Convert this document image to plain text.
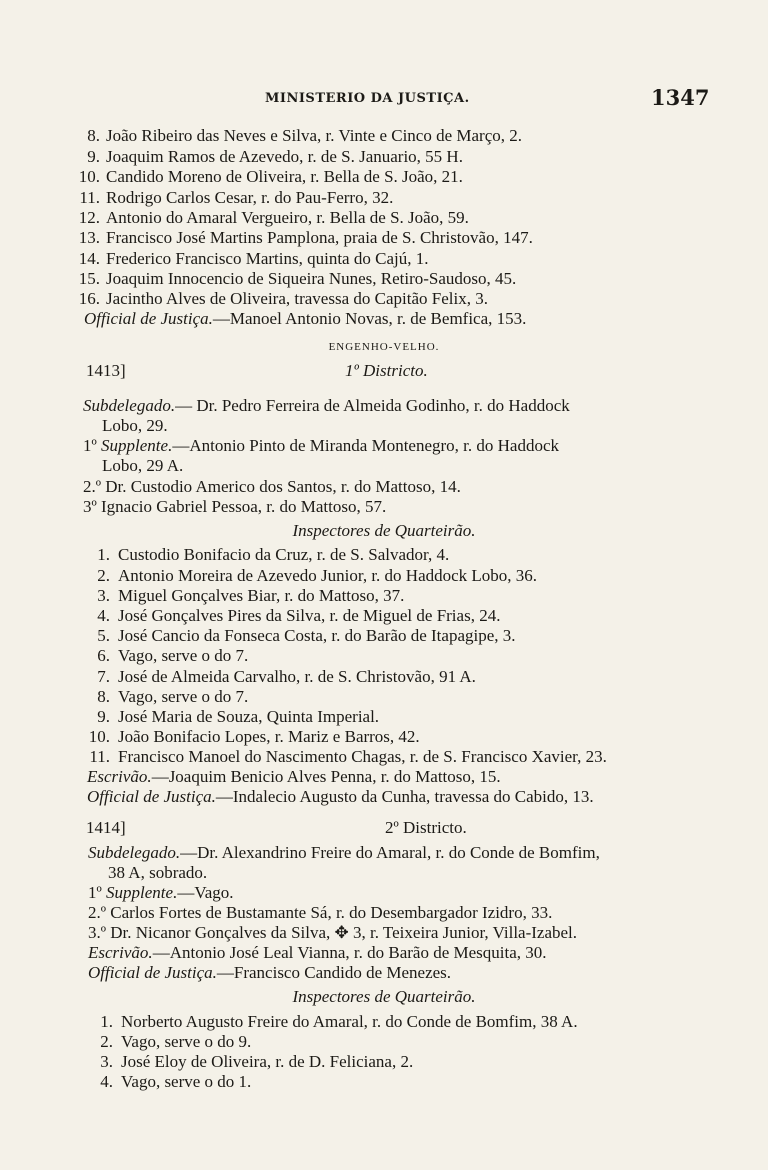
MINISTERIO DA JUSTIÇA.	1347
8. João Ribeiro das Neves e Silva, r. Vinte e Cinco de Março, 2.
9. Joaquim Ramos de Azevedo, r. de S. Januario, 55 H.
10. Candido Moreno de Oliveira, r. Bella de S. João, 21.
11. Rodrigo Carlos Cesar, r. do Pau-Ferro, 32.
12. Antonio do Amaral Vergueiro, r. Bella de S. João, 59.
13. Francisco José Martins Pamplona, praia de S. Christovão, 147.
14. Frederico Francisco Martins, quinta do Cajú, 1.
15. Joaquim Innocencio de Siqueira Nunes, Retiro-Saudoso, 45.
16. Jacintho Alves de Oliveira, travessa do Capitão Felix, 3.
Official de Justiça.—Manoel Antonio Novas, r. de Bemfica, 153.
ENGENHO-VELHO.
1413]	1º Districto.
Subdelegado.— Dr. Pedro Ferreira de Almeida Godinho, r. do Haddock
Lobo, 29.
1º Supplente.—Antonio Pinto de Miranda Montenegro, r. do Haddock
Lobo, 29 A.
2.º Dr. Custodio Americo dos Santos, r. do Mattoso, 14.
3º Ignacio Gabriel Pessoa, r. do Mattoso, 57.
Inspectores de Quarteirão.
1. Custodio Bonifacio da Cruz, r. de S. Salvador, 4.
2. Antonio Moreira de Azevedo Junior, r. do Haddock Lobo, 36.
3. Miguel Gonçalves Biar, r. do Mattoso, 37.
4. José Gonçalves Pires da Silva, r. de Miguel de Frias, 24.
5. José Cancio da Fonseca Costa, r. do Barão de Itapagipe, 3.
6. Vago, serve o do 7.
7. José de Almeida Carvalho, r. de S. Christovão, 91 A.
8. Vago, serve o do 7.
9. José Maria de Souza, Quinta Imperial.
10. João Bonifacio Lopes, r. Mariz e Barros, 42.
11. Francisco Manoel do Nascimento Chagas, r. de S. Francisco Xavier, 23.
Escrivão.—Joaquim Benicio Alves Penna, r. do Mattoso, 15.
Official de Justiça.—Indalecio Augusto da Cunha, travessa do Cabido, 13.
1414]	2º Districto.
Subdelegado.—Dr. Alexandrino Freire do Amaral, r. do Conde de Bomfim,
38 A, sobrado.
1º Supplente.—Vago.
2.º Carlos Fortes de Bustamante Sá, r. do Desembargador Izidro, 33.
3.º Dr. Nicanor Gonçalves da Silva, ✥ 3, r. Teixeira Junior, Villa-Izabel.
Escrivão.—Antonio José Leal Vianna, r. do Barão de Mesquita, 30.
Official de Justiça.—Francisco Candido de Menezes.
Inspectores de Quarteirão.
1. Norberto Augusto Freire do Amaral, r. do Conde de Bomfim, 38 A.
2. Vago, serve o do 9.
3. José Eloy de Oliveira, r. de D. Feliciana, 2.
4. Vago, serve o do 1.
